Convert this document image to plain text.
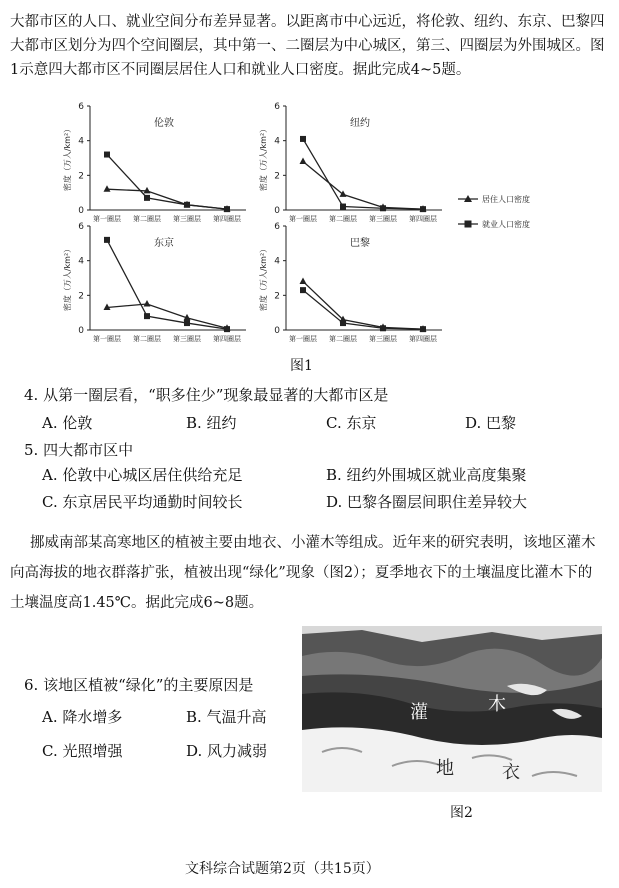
大都市区的人口、就业空间分布差异显著。以距离市中心远近，将伦敦、纽约、东京、巴黎四大都市区划分为四个空间圈层，其中第一、二圈层为中心城区，第三、四圈层为外围城区。图1示意四大都市区不同圈层居住人口和就业人口密度。据此完成4~5题。

0
2
4
6
第一圈层 第二圈层 第三圈层 第四圈层
密度（万人/km²）
伦敦
0
2
4
6
第一圈层 第二圈层 第三圈层 第四圈层
密度（万人/km²）
纽约
0
2
4
6
第一圈层 第二圈层 第三圈层 第四圈层
密度（万人/km²）
东京
0
2
4
6
第一圈层 第二圈层 第三圈层 第四圈层
密度（万人/km²）
巴黎
居住人口密度
就业人口密度
图1
4. 从第一圈层看，“职多住少”现象最显著的大都市区是
A. 伦敦	B. 纽约	C. 东京	D. 巴黎
5. 四大都市区中
A. 伦敦中心城区居住供给充足	B. 纽约外围城区就业高度集聚
C. 东京居民平均通勤时间较长	D. 巴黎各圈层间职住差异较大

挪威南部某高寒地区的植被主要由地衣、小灌木等组成。近年来的研究表明，该地区灌木向高海拔的地衣群落扩张，植被出现“绿化”现象（图2）；夏季地衣下的土壤温度比灌木下的土壤温度高1.45℃。据此完成6~8题。

灌	木
地	衣
图2
6. 该地区植被“绿化”的主要原因是
A. 降水增多	B. 气温升高
C. 光照增强	D. 风力减弱
文科综合试题第2页（共15页）
